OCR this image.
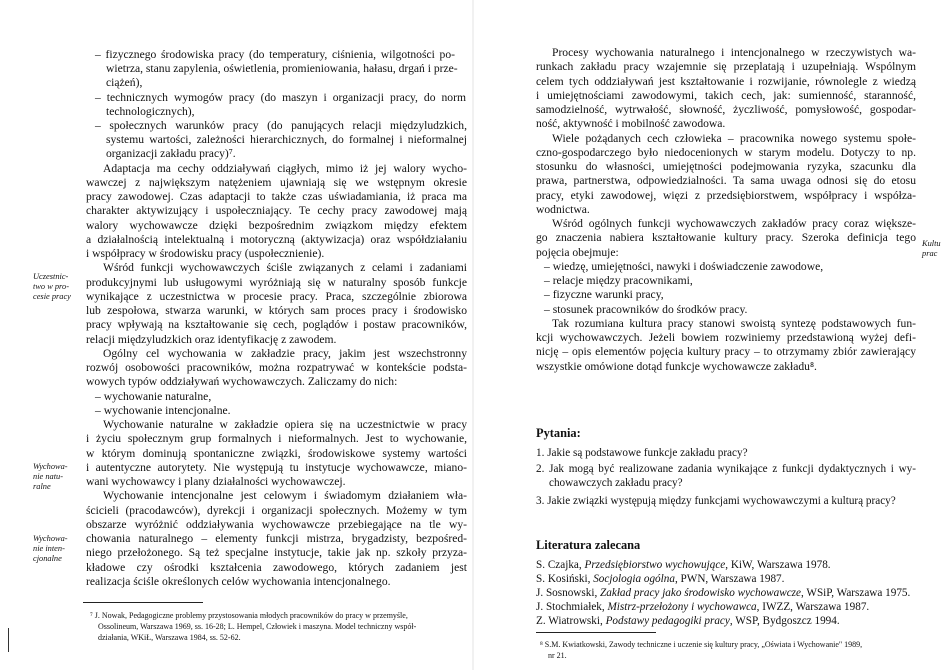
– fizycznego środowiska pracy (do temperatury, ciśnienia, wilgotności po-
wietrza, stanu zapylenia, oświetlenia, promieniowania, hałasu, drgań i prze-
ciążeń),
– technicznych wymogów pracy (do maszyn i organizacji pracy, do norm
technologicznych),
– społecznych warunków pracy (do panujących relacji międzyludzkich,
systemu wartości, zależności hierarchicznych, do formalnej i nieformalnej
organizacji zakładu pracy)⁷.
Adaptacja ma cechy oddziaływań ciągłych, mimo iż jej walory wycho-
wawczej z największym natężeniem ujawniają się we wstępnym okresie
pracy zawodowej. Czas adaptacji to także czas uświadamiania, iż praca ma
charakter aktywizujący i uspołeczniający. Te cechy pracy zawodowej mają
walory wychowawcze dzięki bezpośrednim związkom między efektem
a działalnością intelektualną i motoryczną (aktywizacja) oraz współdziałaniu
i współpracy w środowisku pracy (uspołecznienie).
Wśród funkcji wychowawczych ściśle związanych z celami i zadaniami
produkcyjnymi lub usługowymi wyróżniają się w naturalny sposób funkcje
wynikające z uczestnictwa w procesie pracy. Praca, szczególnie zbiorowa
lub zespołowa, stwarza warunki, w których sam proces pracy i środowisko
pracy wpływają na kształtowanie się cech, poglądów i postaw pracowników,
relacji międzyludzkich oraz identyfikację z zawodem.
Ogólny cel wychowania w zakładzie pracy, jakim jest wszechstronny
rozwój osobowości pracowników, można rozpatrywać w kontekście podsta-
wowych typów oddziaływań wychowawczych. Zaliczamy do nich:
– wychowanie naturalne,
– wychowanie intencjonalne.
Wychowanie naturalne w zakładzie opiera się na uczestnictwie w pracy
i życiu społecznym grup formalnych i nieformalnych. Jest to wychowanie,
w którym dominują spontaniczne związki, środowiskowe systemy wartości
i autentyczne autorytety. Nie występują tu instytucje wychowawcze, miano-
wani wychowawcy i plany działalności wychowawczej.
Wychowanie intencjonalne jest celowym i świadomym działaniem wła-
ścicieli (pracodawców), dyrekcji i organizacji społecznych. Możemy w tym
obszarze wyróżnić oddziaływania wychowawcze przebiegające na tle wy-
chowania naturalnego – elementy funkcji mistrza, brygadzisty, bezpośred-
niego przełożonego. Są też specjalne instytucje, takie jak np. szkoły przyza-
kładowe czy ośrodki kształcenia zawodowego, których zadaniem jest
realizacja ściśle określonych celów wychowania intencjonalnego.
Uczestnic-
two w pro-
cesie pracy
Wychowa-
nie natu-
ralne
Wychowa-
nie inten-
cjonalne
⁷ J. Nowak, Pedagogiczne problemy przystosowania młodych pracowników do pracy w przemyśle,
Ossolineum, Warszawa 1969, ss. 16-28; L. Hempel, Człowiek i maszyna. Model techniczny współ-
działania, WKiŁ, Warszawa 1984, ss. 52-62.
Procesy wychowania naturalnego i intencjonalnego w rzeczywistych wa-
runkach zakładu pracy wzajemnie się przeplatają i uzupełniają. Wspólnym
celem tych oddziaływań jest kształtowanie i rozwijanie, równolegle z wiedzą
i umiejętnościami zawodowymi, takich cech, jak: sumienność, staranność,
samodzielność, wytrwałość, słowność, życzliwość, pomysłowość, gospodar-
ność, aktywność i mobilność zawodowa.
Wiele pożądanych cech człowieka – pracownika nowego systemu społe-
czno-gospodarczego było niedocenionych w starym modelu. Dotyczy to np.
stosunku do własności, umiejętności podejmowania ryzyka, szacunku dla
prawa, partnerstwa, odpowiedzialności. Ta sama uwaga odnosi się do etosu
pracy, etyki zawodowej, więzi z przedsiębiorstwem, współpracy i współza-
wodnictwa.
Wśród ogólnych funkcji wychowawczych zakładów pracy coraz większe-
go znaczenia nabiera kształtowanie kultury pracy. Szeroka definicja tego
pojęcia obejmuje:
– wiedzę, umiejętności, nawyki i doświadczenie zawodowe,
– relacje między pracownikami,
– fizyczne warunki pracy,
– stosunek pracowników do środków pracy.
Tak rozumiana kultura pracy stanowi swoistą syntezę podstawowych fun-
kcji wychowawczych. Jeżeli bowiem rozwiniemy przedstawioną wyżej defi-
nicję – opis elementów pojęcia kultury pracy – to otrzymamy zbiór zawierający
wszystkie omówione dotąd funkcje wychowawcze zakładu⁸.
Kultu
prac
Pytania:
1. Jakie są podstawowe funkcje zakładu pracy?
2. Jak mogą być realizowane zadania wynikające z funkcji dydaktycznych i wy-
chowawczych zakładu pracy?
3. Jakie związki występują między funkcjami wychowawczymi a kulturą pracy?
Literatura zalecana
S. Czajka, Przedsiębiorstwo wychowujące, KiW, Warszawa 1978.
S. Kosiński, Socjologia ogólna, PWN, Warszawa 1987.
J. Sosnowski, Zakład pracy jako środowisko wychowawcze, WSiP, Warszawa 1975.
J. Stochmiałek, Mistrz-przełożony i wychowawca, IWZZ, Warszawa 1987.
Z. Wiatrowski, Podstawy pedagogiki pracy, WSP, Bydgoszcz 1994.
⁸ S.M. Kwiatkowski, Zawody techniczne i uczenie się kultury pracy, „Oświata i Wychowanie" 1989,
nr 21.
